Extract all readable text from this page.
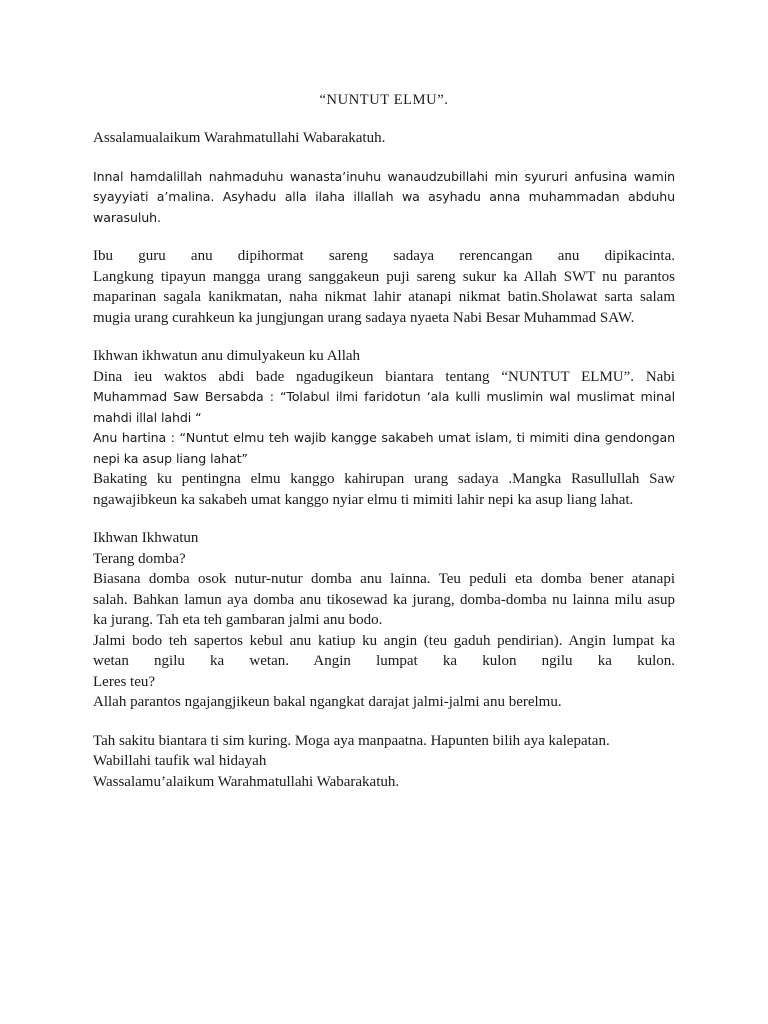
“NUNTUT ELMU”.
Assalamualaikum Warahmatullahi Wabarakatuh.
Innal hamdalillah nahmaduhu wanasta’inuhu wanaudzubillahi min syururi anfusina wamin
syayyiati a’malina. Asyhadu alla ilaha illallah wa asyhadu anna muhammadan abduhu
warasuluh.
Ibu guru anu dipihormat sareng sadaya rerencangan anu dipikacinta.
Langkung tipayun mangga urang sanggakeun puji sareng sukur ka Allah SWT nu parantos
maparinan sagala kanikmatan, naha nikmat lahir atanapi nikmat batin.Sholawat sarta salam
mugia urang curahkeun ka jungjungan urang sadaya nyaeta Nabi Besar Muhammad SAW.
Ikhwan ikhwatun anu dimulyakeun ku Allah
Dina ieu waktos abdi bade ngadugikeun biantara tentang “NUNTUT ELMU”. Nabi
Muhammad Saw Bersabda : “Tolabul ilmi faridotun ‘ala kulli muslimin wal muslimat minal
mahdi illal lahdi “
Anu hartina : “Nuntut elmu teh wajib kangge sakabeh umat islam, ti mimiti dina gendongan
nepi ka asup liang lahat”
Bakating ku pentingna elmu kanggo kahirupan urang sadaya .Mangka Rasullullah Saw
ngawajibkeun ka sakabeh umat kanggo nyiar elmu ti mimiti lahir nepi ka asup liang lahat.
Ikhwan Ikhwatun
Terang domba?
Biasana domba osok nutur-nutur domba anu lainna. Teu peduli eta domba bener atanapi
salah. Bahkan lamun aya domba anu tikosewad ka jurang, domba-domba nu lainna milu asup
ka jurang. Tah eta teh gambaran jalmi anu bodo.
Jalmi bodo teh sapertos kebul anu katiup ku angin (teu gaduh pendirian). Angin lumpat ka
wetan ngilu ka wetan. Angin lumpat ka kulon ngilu ka kulon.
Leres teu?
Allah parantos ngajangjikeun bakal ngangkat darajat jalmi-jalmi anu berelmu.
Tah sakitu biantara ti sim kuring. Moga aya manpaatna. Hapunten bilih aya kalepatan.
Wabillahi taufik wal hidayah
Wassalamu’alaikum Warahmatullahi Wabarakatuh.
